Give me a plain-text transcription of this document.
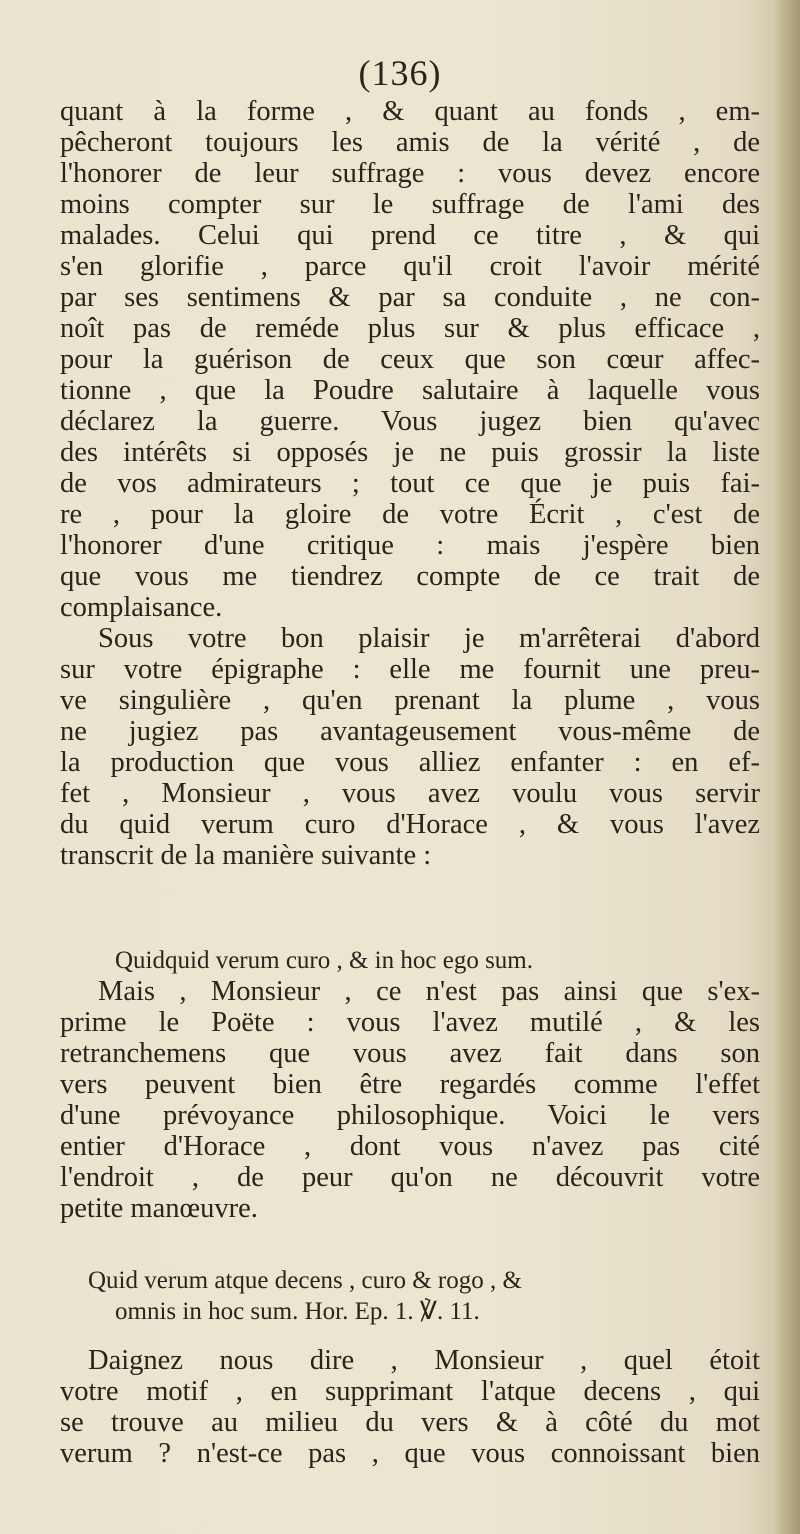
(136)
quant à la forme , & quant au fonds , em-
pêcheront toujours les amis de la vérité , de
l'honorer de leur suffrage : vous devez encore
moins compter sur le suffrage de l'ami des
malades. Celui qui prend ce titre , & qui
s'en glorifie , parce qu'il croit l'avoir mérité
par ses sentimens & par sa conduite , ne con-
noît pas de reméde plus sur & plus efficace ,
pour la guérison de ceux que son cœur affec-
tionne , que la Poudre salutaire à laquelle vous
déclarez la guerre. Vous jugez bien qu'avec
des intérêts si opposés je ne puis grossir la liste
de vos admirateurs ; tout ce que je puis fai-
re , pour la gloire de votre Écrit , c'est de
l'honorer d'une critique : mais j'espère bien
que vous me tiendrez compte de ce trait de
complaisance.
Sous votre bon plaisir je m'arrêterai d'abord
sur votre épigraphe : elle me fournit une preu-
ve singulière , qu'en prenant la plume , vous
ne jugiez pas avantageusement vous-même de
la production que vous alliez enfanter : en ef-
fet , Monsieur , vous avez voulu vous servir
du quid verum curo d'Horace , & vous l'avez
transcrit de la manière suivante :
Quidquid verum curo , & in hoc ego sum.
Mais , Monsieur , ce n'est pas ainsi que s'ex-
prime le Poëte : vous l'avez mutilé , & les
retranchemens que vous avez fait dans son
vers peuvent bien être regardés comme l'effet
d'une prévoyance philosophique. Voici le vers
entier d'Horace , dont vous n'avez pas cité
l'endroit , de peur qu'on ne découvrit votre
petite manœuvre.
Quid verum atque decens , curo & rogo , &
omnis in hoc sum. Hor. Ep. 1. ℣. 11.
Daignez nous dire , Monsieur , quel étoit
votre motif , en supprimant l'atque decens , qui
se trouve au milieu du vers & à côté du mot
verum ? n'est-ce pas , que vous connoissant bien
